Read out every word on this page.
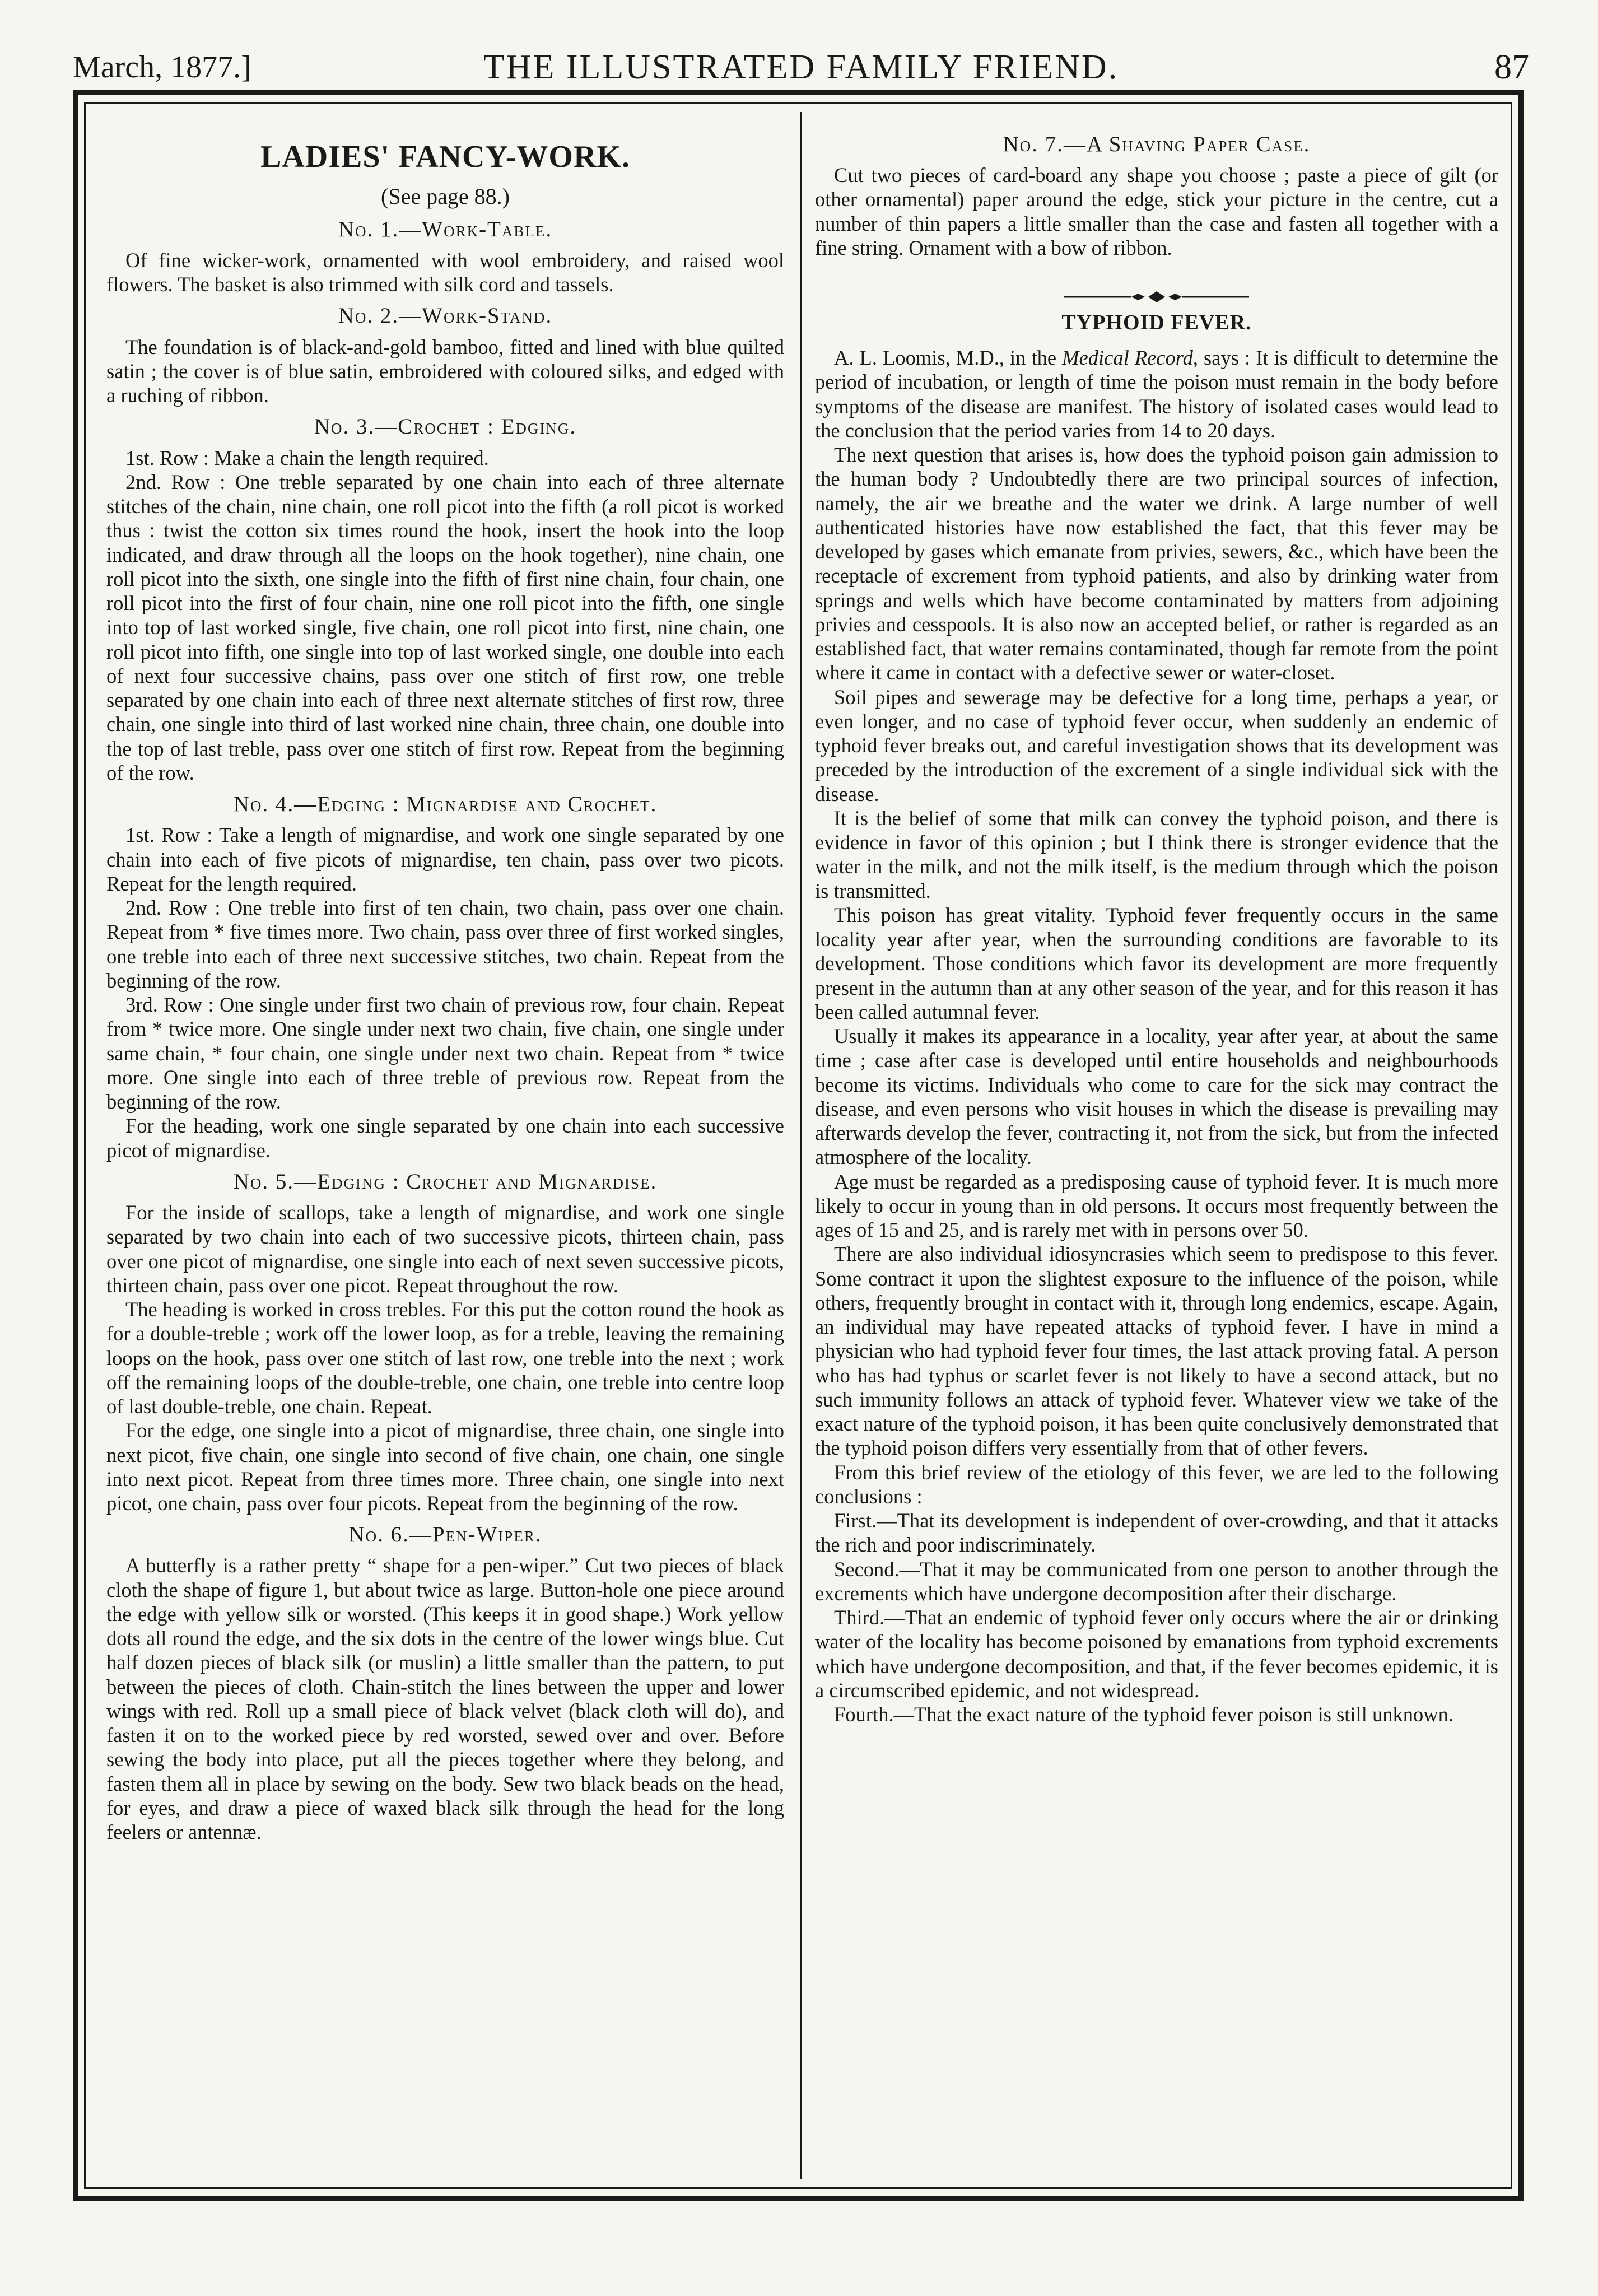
March, 1877.]	THE ILLUSTRATED FAMILY FRIEND.	87

LADIES' FANCY-WORK.

(See page 88.)

No. 1.—Work-Table.

Of fine wicker-work, ornamented with wool embroidery, and raised wool flowers. The basket is also trimmed with silk cord and tassels.

No. 2.—Work-Stand.

The foundation is of black-and-gold bamboo, fitted and lined with blue quilted satin ; the cover is of blue satin, embroidered with coloured silks, and edged with a ruching of ribbon.

No. 3.—Crochet : Edging.

1st. Row : Make a chain the length required.

2nd. Row : One treble separated by one chain into each of three alternate stitches of the chain, nine chain, one roll picot into the fifth (a roll picot is worked thus : twist the cotton six times round the hook, insert the hook into the loop indicated, and draw through all the loops on the hook together), nine chain, one roll picot into the sixth, one single into the fifth of first nine chain, four chain, one roll picot into the first of four chain, nine one roll picot into the fifth, one single into top of last worked single, five chain, one roll picot into first, nine chain, one roll picot into fifth, one single into top of last worked single, one double into each of next four successive chains, pass over one stitch of first row, one treble separated by one chain into each of three next alternate stitches of first row, three chain, one single into third of last worked nine chain, three chain, one double into the top of last treble, pass over one stitch of first row. Repeat from the beginning of the row.

No. 4.—Edging : Mignardise and Crochet.

1st. Row : Take a length of mignardise, and work one single separated by one chain into each of five picots of mignardise, ten chain, pass over two picots. Repeat for the length required.

2nd. Row : One treble into first of ten chain, two chain, pass over one chain. Repeat from * five times more. Two chain, pass over three of first worked singles, one treble into each of three next successive stitches, two chain. Repeat from the beginning of the row.

3rd. Row : One single under first two chain of previous row, four chain. Repeat from * twice more. One single under next two chain, five chain, one single under same chain, * four chain, one single under next two chain. Repeat from * twice more. One single into each of three treble of previous row. Repeat from the beginning of the row.

For the heading, work one single separated by one chain into each successive picot of mignardise.

No. 5.—Edging : Crochet and Mignardise.

For the inside of scallops, take a length of mignardise, and work one single separated by two chain into each of two successive picots, thirteen chain, pass over one picot of mignardise, one single into each of next seven successive picots, thirteen chain, pass over one picot. Repeat throughout the row.

The heading is worked in cross trebles. For this put the cotton round the hook as for a double-treble ; work off the lower loop, as for a treble, leaving the remaining loops on the hook, pass over one stitch of last row, one treble into the next ; work off the remaining loops of the double-treble, one chain, one treble into centre loop of last double-treble, one chain. Repeat.

For the edge, one single into a picot of mignardise, three chain, one single into next picot, five chain, one single into second of five chain, one chain, one single into next picot. Repeat from three times more. Three chain, one single into next picot, one chain, pass over four picots. Repeat from the beginning of the row.

No. 6.—Pen-Wiper.

A butterfly is a rather pretty “ shape for a pen-wiper.” Cut two pieces of black cloth the shape of figure 1, but about twice as large. Button-hole one piece around the edge with yellow silk or worsted. (This keeps it in good shape.) Work yellow dots all round the edge, and the six dots in the centre of the lower wings blue. Cut half dozen pieces of black silk (or muslin) a little smaller than the pattern, to put between the pieces of cloth. Chain-stitch the lines between the upper and lower wings with red. Roll up a small piece of black velvet (black cloth will do), and fasten it on to the worked piece by red worsted, sewed over and over. Before sewing the body into place, put all the pieces together where they belong, and fasten them all in place by sewing on the body. Sew two black beads on the head, for eyes, and draw a piece of waxed black silk through the head for the long feelers or antennæ.

No. 7.—A Shaving Paper Case.

Cut two pieces of card-board any shape you choose ; paste a piece of gilt (or other ornamental) paper around the edge, stick your picture in the centre, cut a number of thin papers a little smaller than the case and fasten all together with a fine string. Ornament with a bow of ribbon.

TYPHOID FEVER.

A. L. Loomis, M.D., in the Medical Record, says : It is difficult to determine the period of incubation, or length of time the poison must remain in the body before symptoms of the disease are manifest. The history of isolated cases would lead to the conclusion that the period varies from 14 to 20 days.

The next question that arises is, how does the typhoid poison gain admission to the human body ? Undoubtedly there are two principal sources of infection, namely, the air we breathe and the water we drink. A large number of well authenticated histories have now established the fact, that this fever may be developed by gases which emanate from privies, sewers, &c., which have been the receptacle of excrement from typhoid patients, and also by drinking water from springs and wells which have become contaminated by matters from adjoining privies and cesspools. It is also now an accepted belief, or rather is regarded as an established fact, that water remains contaminated, though far remote from the point where it came in contact with a defective sewer or water-closet.

Soil pipes and sewerage may be defective for a long time, perhaps a year, or even longer, and no case of typhoid fever occur, when suddenly an endemic of typhoid fever breaks out, and careful investigation shows that its development was preceded by the introduction of the excrement of a single individual sick with the disease.

It is the belief of some that milk can convey the typhoid poison, and there is evidence in favor of this opinion ; but I think there is stronger evidence that the water in the milk, and not the milk itself, is the medium through which the poison is transmitted.

This poison has great vitality. Typhoid fever frequently occurs in the same locality year after year, when the surrounding conditions are favorable to its development. Those conditions which favor its development are more frequently present in the autumn than at any other season of the year, and for this reason it has been called autumnal fever.

Usually it makes its appearance in a locality, year after year, at about the same time ; case after case is developed until entire households and neighbourhoods become its victims. Individuals who come to care for the sick may contract the disease, and even persons who visit houses in which the disease is prevailing may afterwards develop the fever, contracting it, not from the sick, but from the infected atmosphere of the locality.

Age must be regarded as a predisposing cause of typhoid fever. It is much more likely to occur in young than in old persons. It occurs most frequently between the ages of 15 and 25, and is rarely met with in persons over 50.

There are also individual idiosyncrasies which seem to predispose to this fever. Some contract it upon the slightest exposure to the influence of the poison, while others, frequently brought in contact with it, through long endemics, escape. Again, an individual may have repeated attacks of typhoid fever. I have in mind a physician who had typhoid fever four times, the last attack proving fatal. A person who has had typhus or scarlet fever is not likely to have a second attack, but no such immunity follows an attack of typhoid fever. Whatever view we take of the exact nature of the typhoid poison, it has been quite conclusively demonstrated that the typhoid poison differs very essentially from that of other fevers.

From this brief review of the etiology of this fever, we are led to the following conclusions :

First.—That its development is independent of over-crowding, and that it attacks the rich and poor indiscriminately.

Second.—That it may be communicated from one person to another through the excrements which have undergone decomposition after their discharge.

Third.—That an endemic of typhoid fever only occurs where the air or drinking water of the locality has become poisoned by emanations from typhoid excrements which have undergone decomposition, and that, if the fever becomes epidemic, it is a circumscribed epidemic, and not widespread.

Fourth.—That the exact nature of the typhoid fever poison is still unknown.
